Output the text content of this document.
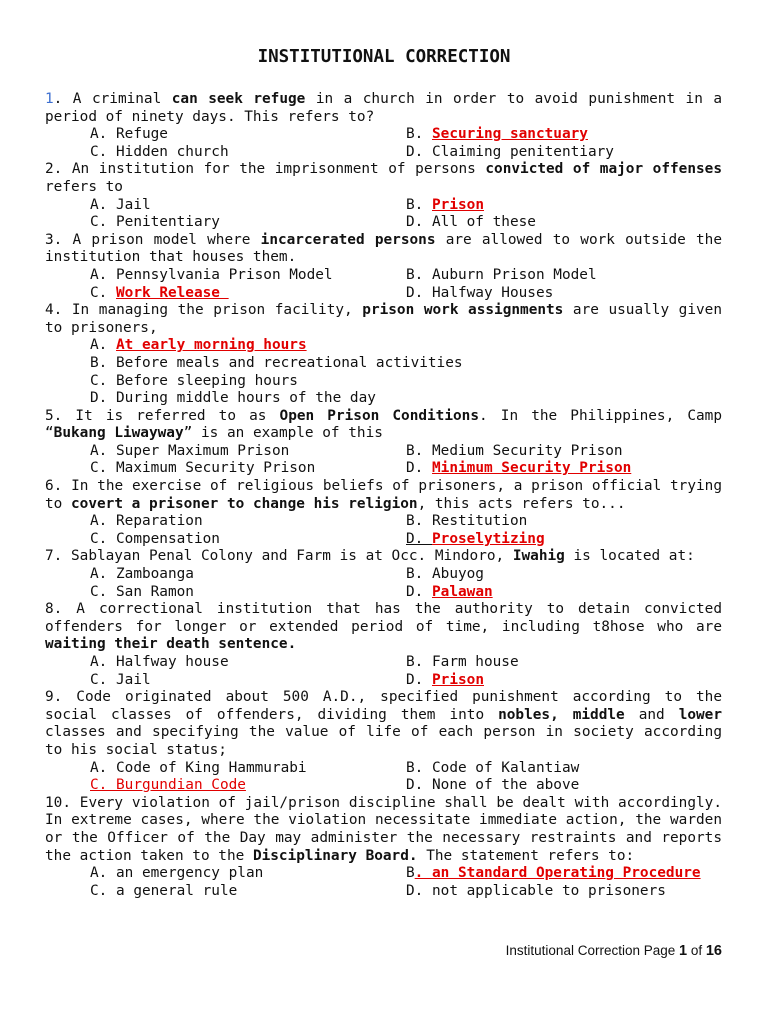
INSTITUTIONAL CORRECTION
1. A criminal can seek refuge in a church in order to avoid punishment in a period of ninety days. This refers to?
A. Refuge	B. Securing sanctuary
C. Hidden church	D. Claiming penitentiary
2. An institution for the imprisonment of persons convicted of major offenses refers to
A. Jail	B. Prison
C. Penitentiary	D. All of these
3. A prison model where incarcerated persons are allowed to work outside the institution that houses them.
A. Pennsylvania Prison Model	B. Auburn Prison Model
C. Work Release	D. Halfway Houses
4. In managing the prison facility, prison work assignments are usually given to prisoners,
A. At early morning hours
B. Before meals and recreational activities
C. Before sleeping hours
D. During middle hours of the day
5. It is referred to as Open Prison Conditions. In the Philippines, Camp “Bukang Liwayway” is an example of this
A. Super Maximum Prison	B. Medium Security Prison
C. Maximum Security Prison	D. Minimum Security Prison
6. In the exercise of religious beliefs of prisoners, a prison official trying to covert a prisoner to change his religion, this acts refers to...
A. Reparation	B. Restitution
C. Compensation	D. Proselytizing
7. Sablayan Penal Colony and Farm is at Occ. Mindoro, Iwahig is located at:
A. Zamboanga	B. Abuyog
C. San Ramon	D. Palawan
8. A correctional institution that has the authority to detain convicted offenders for longer or extended period of time, including t8hose who are waiting their death sentence.
A. Halfway house	B. Farm house
C. Jail	D. Prison
9. Code originated about 500 A.D., specified punishment according to the social classes of offenders, dividing them into nobles, middle and lower classes and specifying the value of life of each person in society according to his social status;
A. Code of King Hammurabi	B. Code of Kalantiaw
C. Burgundian Code	D. None of the above
10. Every violation of jail/prison discipline shall be dealt with accordingly. In extreme cases, where the violation necessitate immediate action, the warden or the Officer of the Day may administer the necessary restraints and reports the action taken to the Disciplinary Board. The statement refers to:
A. an emergency plan	B. an Standard Operating Procedure
C. a general rule	D. not applicable to prisoners
Institutional Correction Page 1 of 16
